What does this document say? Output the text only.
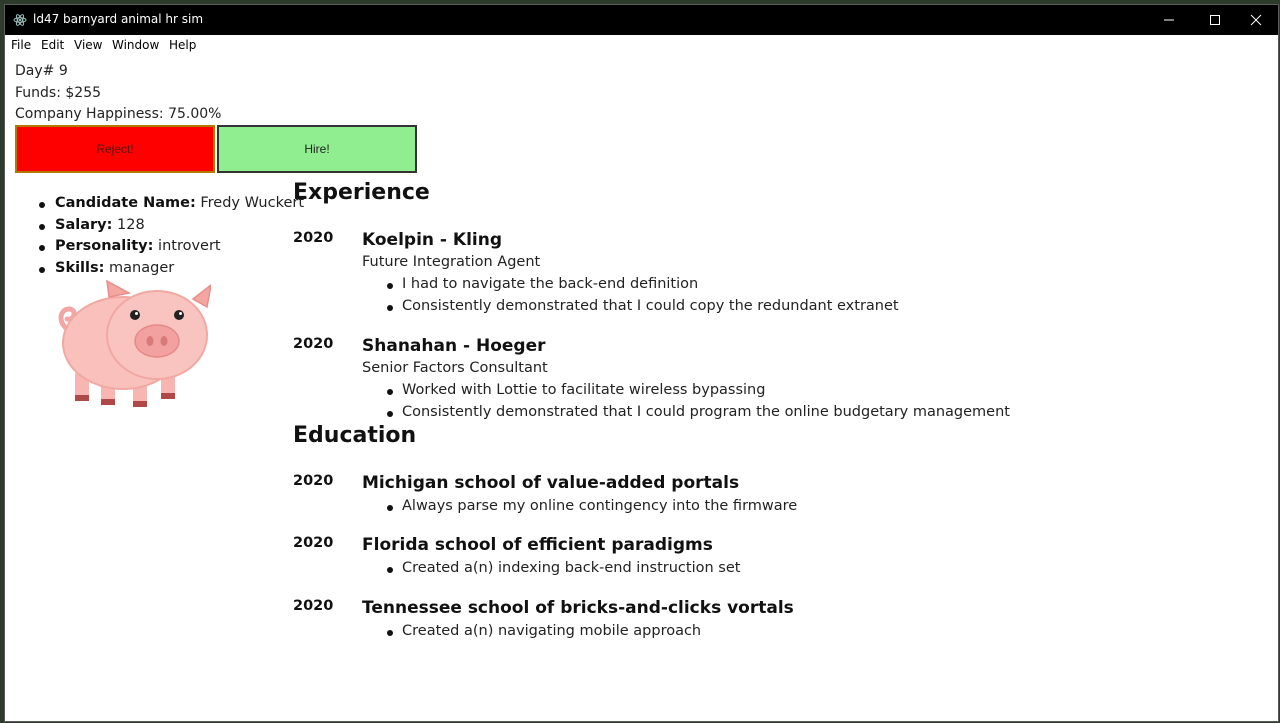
ld47 barnyard animal hr sim
File Edit View Window Help
Day# 9
Funds: $255
Company Happiness: 75.00%
Reject!	Hire!
Candidate Name: Fredy Wuckert
Salary: 128
Personality: introvert
Skills: manager
Experience
2020 Koelpin - Kling
Future Integration Agent
I had to navigate the back-end definition
Consistently demonstrated that I could copy the redundant extranet
2020 Shanahan - Hoeger
Senior Factors Consultant
Worked with Lottie to facilitate wireless bypassing
Consistently demonstrated that I could program the online budgetary management
Education
2020 Michigan school of value-added portals
Always parse my online contingency into the firmware
2020 Florida school of efficient paradigms
Created a(n) indexing back-end instruction set
2020 Tennessee school of bricks-and-clicks vortals
Created a(n) navigating mobile approach
